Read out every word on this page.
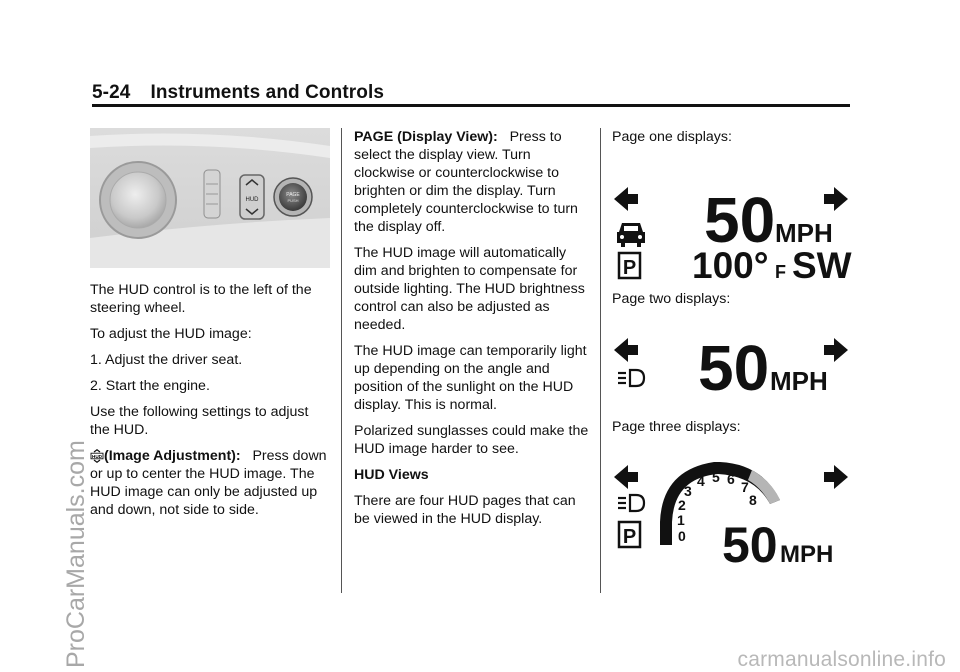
5-24 Instruments and Controls
ProCarManuals.com	carmanualsonline.info
HUD
PAGE
PUSH

The HUD control is to the left of the steering wheel.

To adjust the HUD image:

1. Adjust the driver seat.

2. Start the engine.

Use the following settings to adjust the HUD.

HUD (Image Adjustment): Press down or up to center the HUD image. The HUD image can only be adjusted up and down, not side to side.

PAGE (Display View): Press to select the display view. Turn clockwise or counterclockwise to brighten or dim the display. Turn completely counterclockwise to turn the display off.

The HUD image will automatically dim and brighten to compensate for outside lighting. The HUD brightness control can also be adjusted as needed.

The HUD image can temporarily light up depending on the angle and position of the sunlight on the HUD display. This is normal.

Polarized sunglasses could make the HUD image harder to see.

HUD Views

There are four HUD pages that can be viewed in the HUD display.

Page one displays:

P
50 MPH
100° F SW

Page two displays:

50 MPH

Page three displays:

P	0
1
2
3
4 5 6 7
8
50 MPH
